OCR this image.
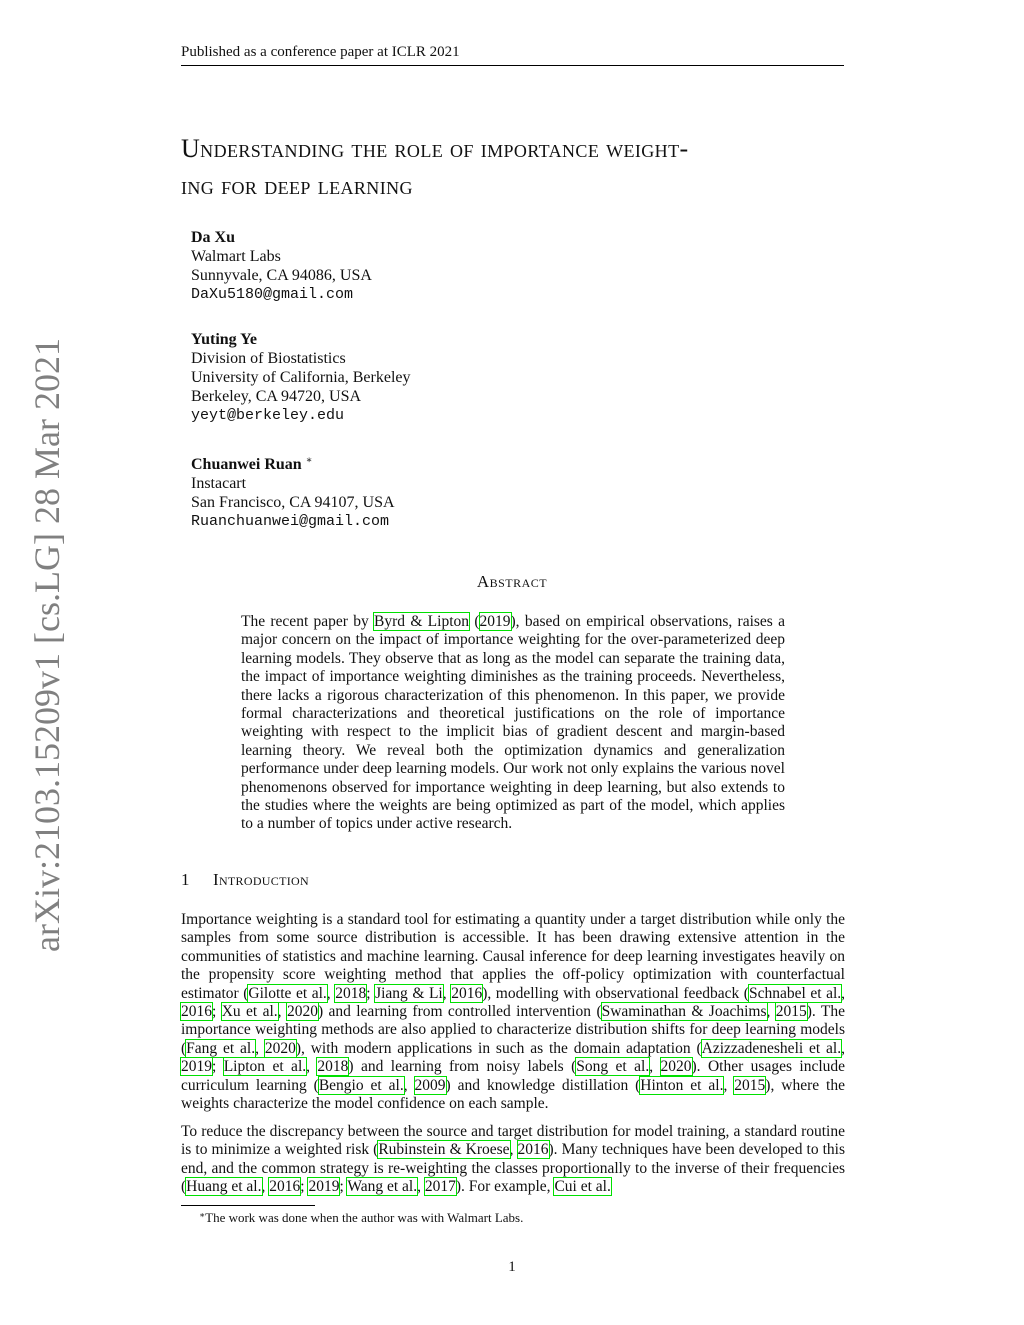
Published as a conference paper at ICLR 2021
Understanding the role of importance weight-
ing for deep learning
Da Xu
Walmart Labs
Sunnyvale, CA 94086, USA
DaXu5180@gmail.com
Yuting Ye
Division of Biostatistics
University of California, Berkeley
Berkeley, CA 94720, USA
yeyt@berkeley.edu
Chuanwei Ruan ∗
Instacart
San Francisco, CA 94107, USA
Ruanchuanwei@gmail.com
arXiv:2103.15209v1 [cs.LG] 28 Mar 2021	Abstract
The recent paper by Byrd & Lipton (2019), based on empirical observations, raises a major concern on the impact of importance weighting for the over-parameterized deep learning models. They observe that as long as the model can separate the training data, the impact of importance weighting diminishes as the training proceeds. Nevertheless, there lacks a rigorous characterization of this phenomenon. In this paper, we provide formal characterizations and theoretical justifications on the role of importance weighting with respect to the implicit bias of gradient descent and margin-based learning theory. We reveal both the optimization dynamics and generalization performance under deep learning models. Our work not only explains the various novel phenomenons observed for importance weighting in deep learning, but also extends to the studies where the weights are being optimized as part of the model, which applies to a number of topics under active research.
1 Introduction
Importance weighting is a standard tool for estimating a quantity under a target distribution while only the samples from some source distribution is accessible. It has been drawing extensive attention in the communities of statistics and machine learning. Causal inference for deep learning investigates heavily on the propensity score weighting method that applies the off-policy optimization with counterfactual estimator (Gilotte et al., 2018; Jiang & Li, 2016), modelling with observational feedback (Schnabel et al., 2016; Xu et al., 2020) and learning from controlled intervention (Swaminathan & Joachims, 2015). The importance weighting methods are also applied to characterize distribution shifts for deep learning models (Fang et al., 2020), with modern applications in such as the domain adaptation (Azizzadenesheli et al., 2019; Lipton et al., 2018) and learning from noisy labels (Song et al., 2020). Other usages include curriculum learning (Bengio et al., 2009) and knowledge distillation (Hinton et al., 2015), where the weights characterize the model confidence on each sample.
To reduce the discrepancy between the source and target distribution for model training, a standard routine is to minimize a weighted risk (Rubinstein & Kroese, 2016). Many techniques have been developed to this end, and the common strategy is re-weighting the classes proportionally to the inverse of their frequencies (Huang et al., 2016; 2019; Wang et al., 2017). For example, Cui et al.
∗The work was done when the author was with Walmart Labs.
1
